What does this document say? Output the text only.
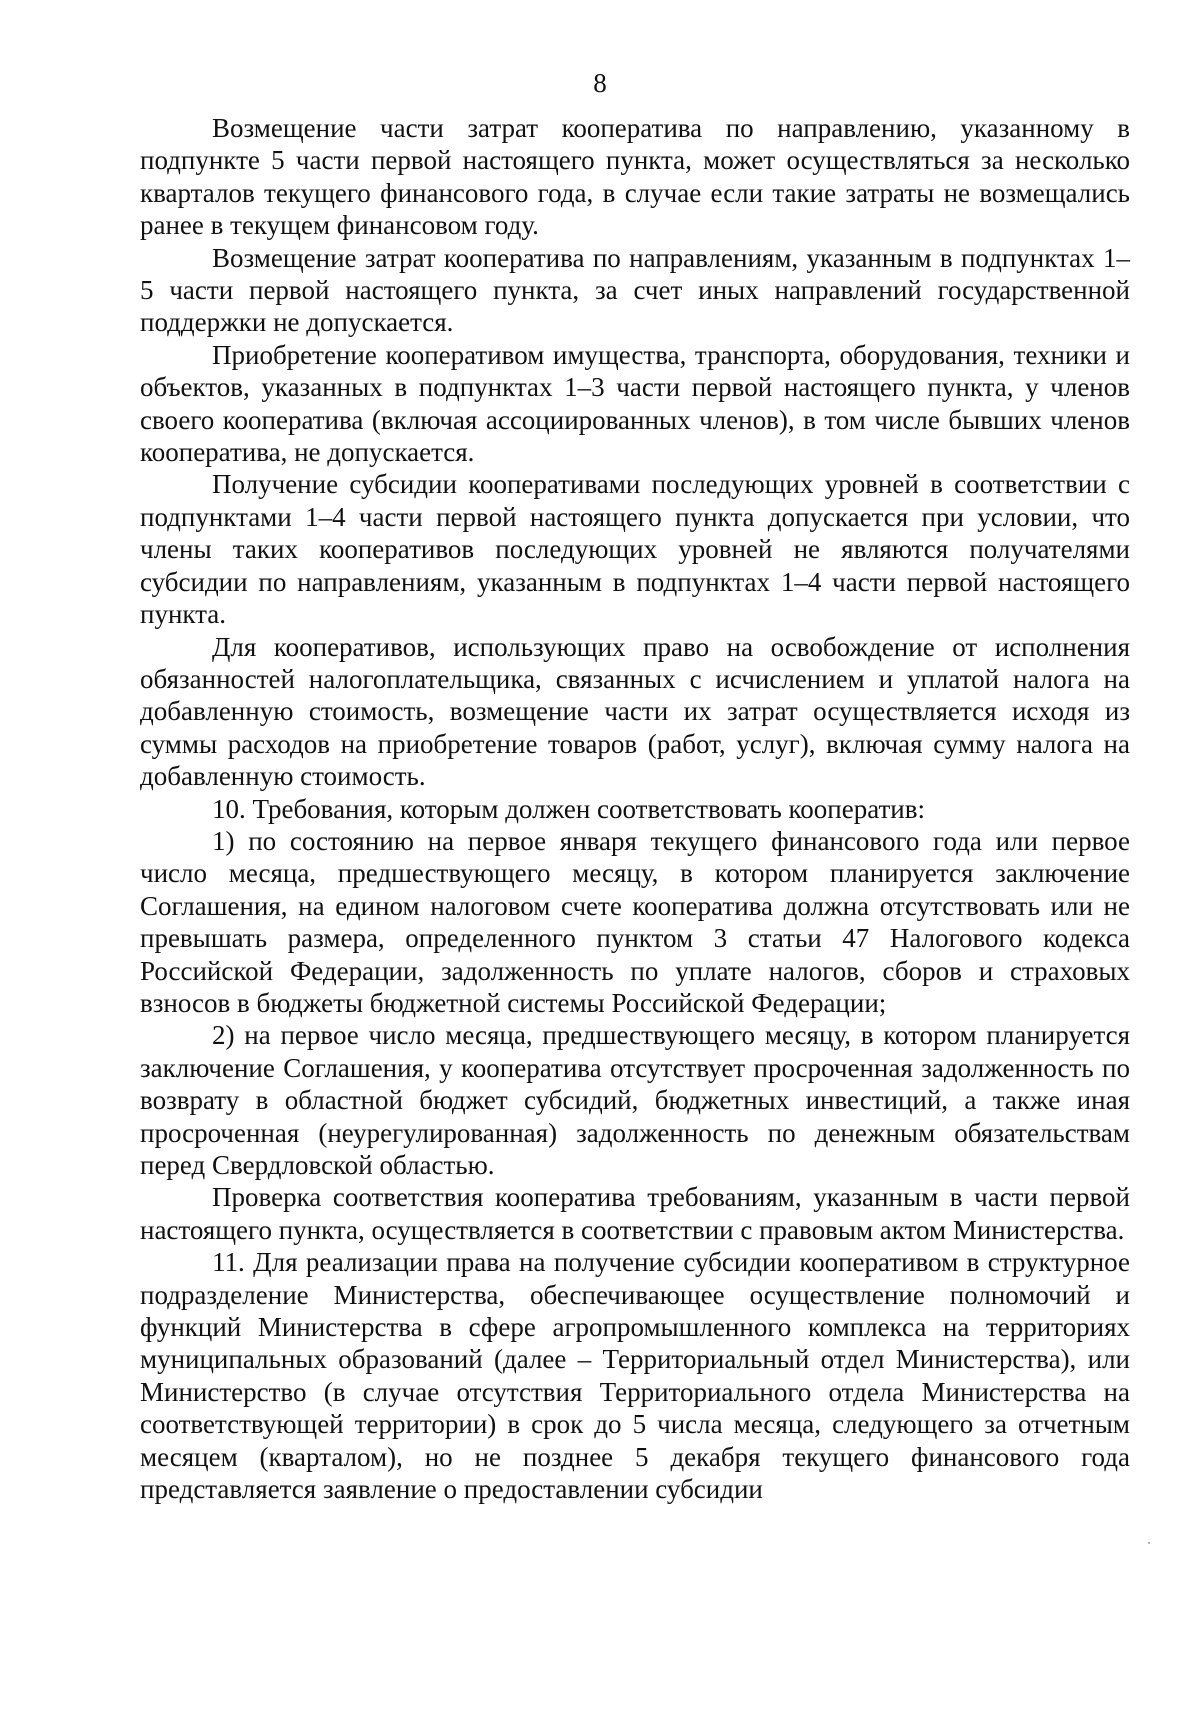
8

Возмещение части затрат кооператива по направлению, указанному в подпункте 5 части первой настоящего пункта, может осуществляться за несколько кварталов текущего финансового года, в случае если такие затраты не возмещались ранее в текущем финансовом году.

Возмещение затрат кооператива по направлениям, указанным в подпунктах 1–5 части первой настоящего пункта, за счет иных направлений государственной поддержки не допускается.

Приобретение кооперативом имущества, транспорта, оборудования, техники и объектов, указанных в подпунктах 1–3 части первой настоящего пункта, у членов своего кооператива (включая ассоциированных членов), в том числе бывших членов кооператива, не допускается.

Получение субсидии кооперативами последующих уровней в соответствии с подпунктами 1–4 части первой настоящего пункта допускается при условии, что члены таких кооперативов последующих уровней не являются получателями субсидии по направлениям, указанным в подпунктах 1–4 части первой настоящего пункта.

Для кооперативов, использующих право на освобождение от исполнения обязанностей налогоплательщика, связанных с исчислением и уплатой налога на добавленную стоимость, возмещение части их затрат осуществляется исходя из суммы расходов на приобретение товаров (работ, услуг), включая сумму налога на добавленную стоимость.

10. Требования, которым должен соответствовать кооператив:

1) по состоянию на первое января текущего финансового года или первое число месяца, предшествующего месяцу, в котором планируется заключение Соглашения, на едином налоговом счете кооператива должна отсутствовать или не превышать размера, определенного пунктом 3 статьи 47 Налогового кодекса Российской Федерации, задолженность по уплате налогов, сборов и страховых взносов в бюджеты бюджетной системы Российской Федерации;

2) на первое число месяца, предшествующего месяцу, в котором планируется заключение Соглашения, у кооператива отсутствует просроченная задолженность по возврату в областной бюджет субсидий, бюджетных инвестиций, а также иная просроченная (неурегулированная) задолженность по денежным обязательствам перед Свердловской областью.

Проверка соответствия кооператива требованиям, указанным в части первой настоящего пункта, осуществляется в соответствии с правовым актом Министерства.

11. Для реализации права на получение субсидии кооперативом в структурное подразделение Министерства, обеспечивающее осуществление полномочий и функций Министерства в сфере агропромышленного комплекса на территориях муниципальных образований (далее – Территориальный отдел Министерства), или Министерство (в случае отсутствия Территориального отдела Министерства на соответствующей территории) в срок до 5 числа месяца, следующего за отчетным месяцем (кварталом), но не позднее 5 декабря текущего финансового года представляется заявление о предоставлении субсидии
